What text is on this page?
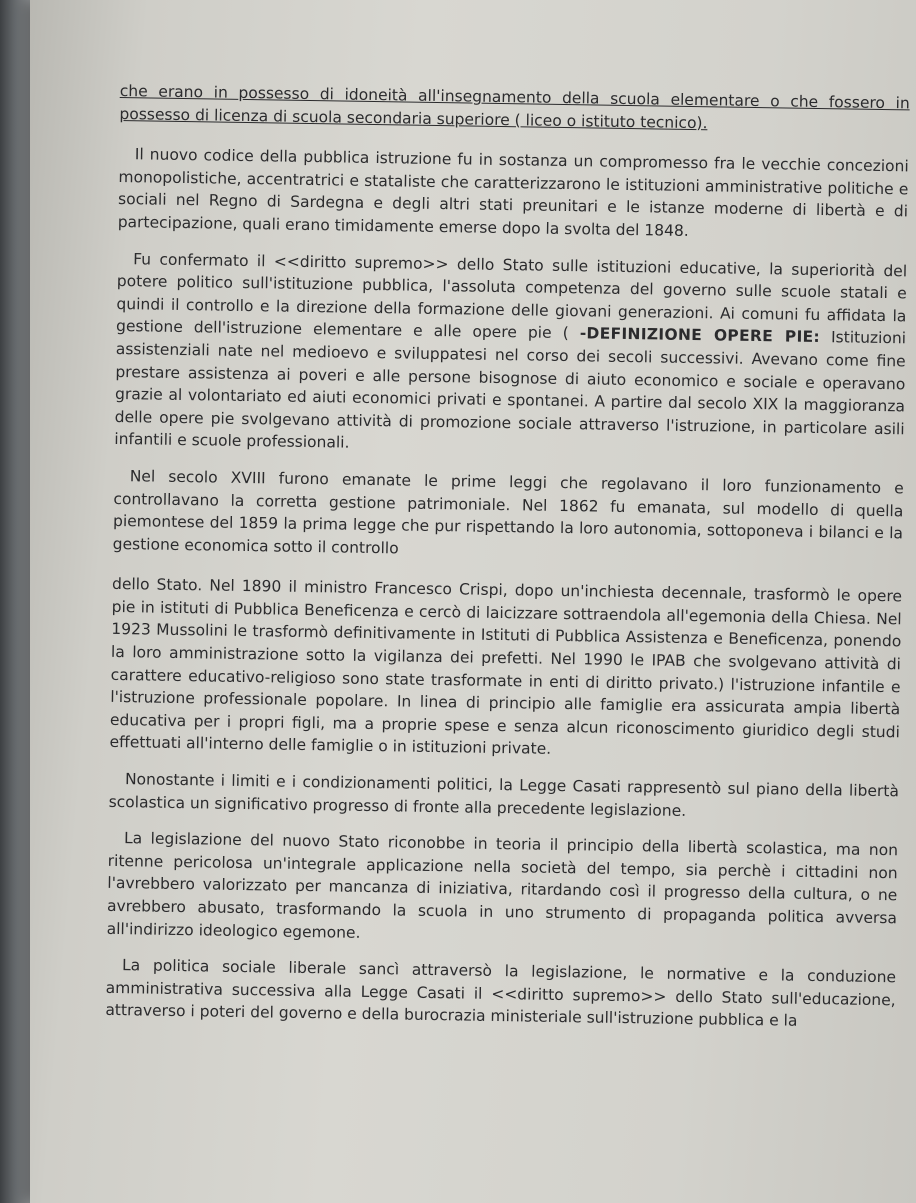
che erano in possesso di idoneità all'insegnamento della scuola elementare o che fossero in possesso di licenza di scuola secondaria superiore ( liceo o istituto tecnico).

Il nuovo codice della pubblica istruzione fu in sostanza un compromesso fra le vecchie concezioni monopolistiche, accentratrici e stataliste che caratterizzarono le istituzioni amministrative politiche e sociali nel Regno di Sardegna e degli altri stati preunitari e le istanze moderne di libertà e di partecipazione, quali erano timidamente emerse dopo la svolta del 1848.

Fu confermato il <<diritto supremo>> dello Stato sulle istituzioni educative, la superiorità del potere politico sull'istituzione pubblica, l'assoluta competenza del governo sulle scuole statali e quindi il controllo e la direzione della formazione delle giovani generazioni. Ai comuni fu affidata la gestione dell'istruzione elementare e alle opere pie ( -DEFINIZIONE OPERE PIE: Istituzioni assistenziali nate nel medioevo e sviluppatesi nel corso dei secoli successivi. Avevano come fine prestare assistenza ai poveri e alle persone bisognose di aiuto economico e sociale e operavano grazie al volontariato ed aiuti economici privati e spontanei. A partire dal secolo XIX la maggioranza delle opere pie svolgevano attività di promozione sociale attraverso l'istruzione, in particolare asili infantili e scuole professionali.

Nel secolo XVIII furono emanate le prime leggi che regolavano il loro funzionamento e controllavano la corretta gestione patrimoniale. Nel 1862 fu emanata, sul modello di quella piemontese del 1859 la prima legge che pur rispettando la loro autonomia, sottoponeva i bilanci e la gestione economica sotto il controllo

dello Stato. Nel 1890 il ministro Francesco Crispi, dopo un'inchiesta decennale, trasformò le opere pie in istituti di Pubblica Beneficenza e cercò di laicizzare sottraendola all'egemonia della Chiesa. Nel 1923 Mussolini le trasformò definitivamente in Istituti di Pubblica Assistenza e Beneficenza, ponendo la loro amministrazione sotto la vigilanza dei prefetti. Nel 1990 le IPAB che svolgevano attività di carattere educativo-religioso sono state trasformate in enti di diritto privato.) l'istruzione infantile e l'istruzione professionale popolare. In linea di principio alle famiglie era assicurata ampia libertà educativa per i propri figli, ma a proprie spese e senza alcun riconoscimento giuridico degli studi effettuati all'interno delle famiglie o in istituzioni private.

Nonostante i limiti e i condizionamenti politici, la Legge Casati rappresentò sul piano della libertà scolastica un significativo progresso di fronte alla precedente legislazione.

La legislazione del nuovo Stato riconobbe in teoria il principio della libertà scolastica, ma non ritenne pericolosa un'integrale applicazione nella società del tempo, sia perchè i cittadini non l'avrebbero valorizzato per mancanza di iniziativa, ritardando così il progresso della cultura, o ne avrebbero abusato, trasformando la scuola in uno strumento di propaganda politica avversa all'indirizzo ideologico egemone.

La politica sociale liberale sancì attraversò la legislazione, le normative e la conduzione amministrativa successiva alla Legge Casati il <<diritto supremo>> dello Stato sull'educazione, attraverso i poteri del governo e della burocrazia ministeriale sull'istruzione pubblica e la
